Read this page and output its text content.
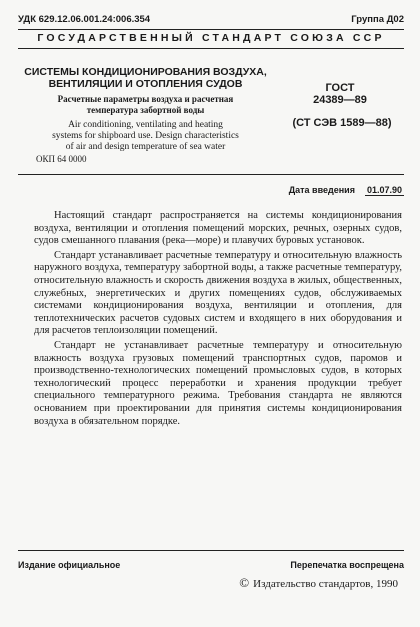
УДК 629.12.06.001.24:006.354	Группа Д02
ГОСУДАРСТВЕННЫЙ СТАНДАРТ СОЮЗА ССР
СИСТЕМЫ КОНДИЦИОНИРОВАНИЯ ВОЗДУХА,
ВЕНТИЛЯЦИИ И ОТОПЛЕНИЯ СУДОВ
Расчетные параметры воздуха и расчетная
температура забортной воды
Air conditioning, ventilating and heating
systems for shipboard use. Design characteristics
of air and design temperature of sea water
ОКП 64 0000
ГОСТ
24389—89
(СТ СЭВ 1589—88)
Дата введения 01.07.90

Настоящий стандарт распространяется на системы кондиционирования воздуха, вентиляции и отопления помещений морских, речных, озерных судов, судов смешанного плавания (река—море) и плавучих буровых установок.

Стандарт устанавливает расчетные температуру и относительную влажность наружного воздуха, температуру забортной воды, а также расчетные температуру, относительную влажность и скорость движения воздуха в жилых, общественных, служебных, энергетических и других помещениях судов, обслуживаемых системами кондиционирования воздуха, вентиляции и отопления, для теплотехнических расчетов судовых систем и входящего в них оборудования и для расчетов теплоизоляции помещений.

Стандарт не устанавливает расчетные температуру и относительную влажность воздуха грузовых помещений транспортных судов, паромов и производственно-технологических помещений промысловых судов, в которых технологический процесс переработки и хранения продукции требует специального температурного режима. Требования стандарта не являются основанием при проектировании для принятия системы кондиционирования воздуха в обязательном порядке.

Издание официальное	Перепечатка воспрещена
© Издательство стандартов, 1990
